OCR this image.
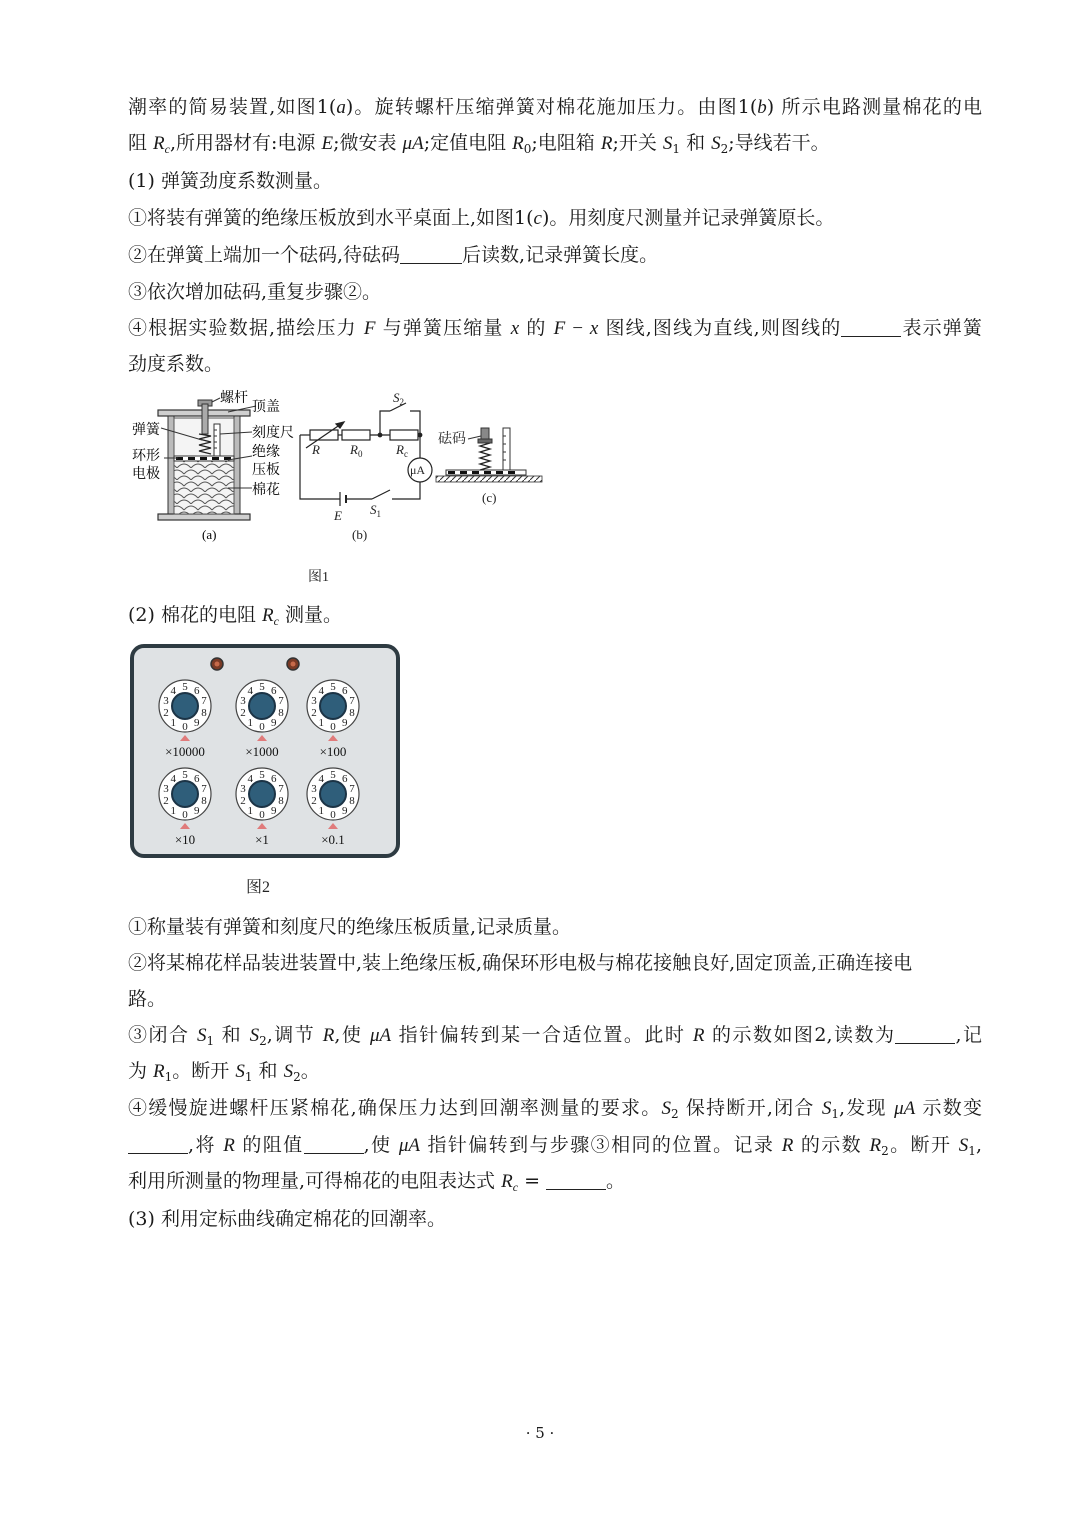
潮率的简易装置,如图1(a)。旋转螺杆压缩弹簧对棉花施加压力。由图1(b) 所示电路测量棉花的电
阻 $R_c$,所用器材有:电源 E;微安表 μA;定值电阻 $R_0$;电阻箱 R;开关 $S_1$ 和 $S_2$;导线若干。
(1) 弹簧劲度系数测量。
①将装有弹簧的绝缘压板放到水平桌面上,如图1(c)。用刻度尺测量并记录弹簧原长。
②在弹簧上端加一个砝码,待砝码	后读数,记录弹簧长度。
③依次增加砝码,重复步骤②。
④根据实验数据,描绘压力 F 与弹簧压缩量 x 的 F − x 图线,图线为直线,则图线的	表示弹簧
劲度系数。
螺杆
顶盖
弹簧	刻度尺
环形
电极
绝缘
压板
棉花
(a)
$S_2$
R $R_0$	$R_c$
μA
E $S_1$
(b)
砝码
(c)
图1
(2) 棉花的电阻 $R_c$ 测量。
0
1
2
3
4 5 6
7
8
9
×10000
0
1
2
3
4 5 6
7
8
9
×1000
0
1
2
3
4 5 6
7
8
9
×100
0
1
2
3
4 5 6
7
8
9
×10
0
1
2
3
4 5 6
7
8
9
×1
0
1
2
3
4 5 6
7
8
9
×0.1
图2
①称量装有弹簧和刻度尺的绝缘压板质量,记录质量。
②将某棉花样品装进装置中,装上绝缘压板,确保环形电极与棉花接触良好,固定顶盖,正确连接电
路。
③闭合 $S_1$ 和 $S_2$,调节 R,使 μA 指针偏转到某一合适位置。此时 R 的示数如图2,读数为	,记
为 $R_1$。断开 $S_1$ 和 $S_2$。
④缓慢旋进螺杆压紧棉花,确保压力达到回潮率测量的要求。$S_2$ 保持断开,闭合 $S_1$,发现 μA 示数变
,将 R 的阻值	,使 μA 指针偏转到与步骤③相同的位置。记录 R 的示数 $R_2$。断开 $S_1$,
利用所测量的物理量,可得棉花的电阻表达式 $R_c$ =	。
(3) 利用定标曲线确定棉花的回潮率。
· 5 ·
